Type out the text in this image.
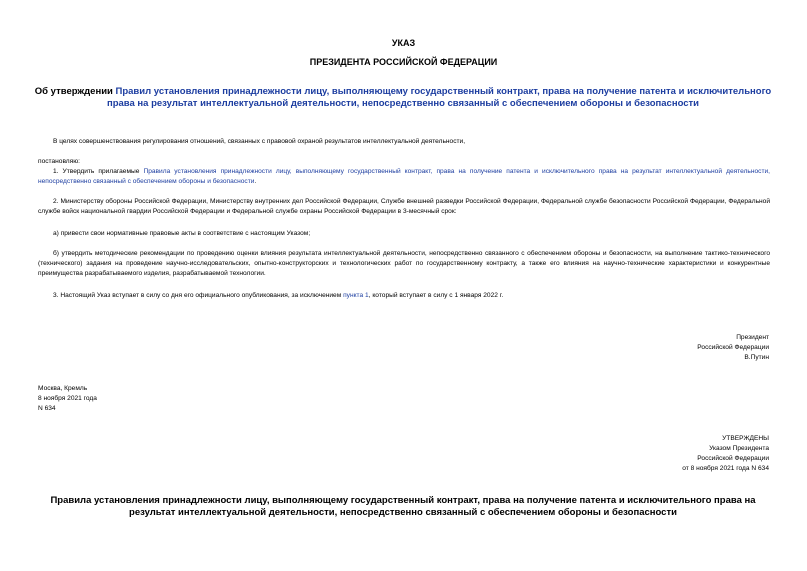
УКАЗ
ПРЕЗИДЕНТА РОССИЙСКОЙ ФЕДЕРАЦИИ
Об утверждении Правил установления принадлежности лицу, выполняющему государственный контракт, права на получение патента и исключительного права на результат интеллектуальной деятельности, непосредственно связанный с обеспечением обороны и безопасности
В целях совершенствования регулирования отношений, связанных с правовой охраной результатов интеллектуальной деятельности,
постановляю:
1. Утвердить прилагаемые Правила установления принадлежности лицу, выполняющему государственный контракт, права на получение патента и исключительного права на результат интеллектуальной деятельности, непосредственно связанный с обеспечением обороны и безопасности.
2. Министерству обороны Российской Федерации, Министерству внутренних дел Российской Федерации, Службе внешней разведки Российской Федерации, Федеральной службе безопасности Российской Федерации, Федеральной службе войск национальной гвардии Российской Федерации и Федеральной службе охраны Российской Федерации в 3-месячный срок:
а) привести свои нормативные правовые акты в соответствие с настоящим Указом;
б) утвердить методические рекомендации по проведению оценки влияния результата интеллектуальной деятельности, непосредственно связанного с обеспечением обороны и безопасности, на выполнение тактико-технического (технического) задания на проведение научно-исследовательских, опытно-конструкторских и технологических работ по государственному контракту, а также его влияния на научно-технические характеристики и конкурентные преимущества разрабатываемого изделия, разрабатываемой технологии.
3. Настоящий Указ вступает в силу со дня его официального опубликования, за исключением пункта 1, который вступает в силу с 1 января 2022 г.
Президент
Российской Федерации
В.Путин
Москва, Кремль
8 ноября 2021 года
N 634
УТВЕРЖДЕНЫ
Указом Президента
Российской Федерации
от 8 ноября 2021 года N 634
Правила установления принадлежности лицу, выполняющему государственный контракт, права на получение патента и исключительного права на результат интеллектуальной деятельности, непосредственно связанный с обеспечением обороны и безопасности
